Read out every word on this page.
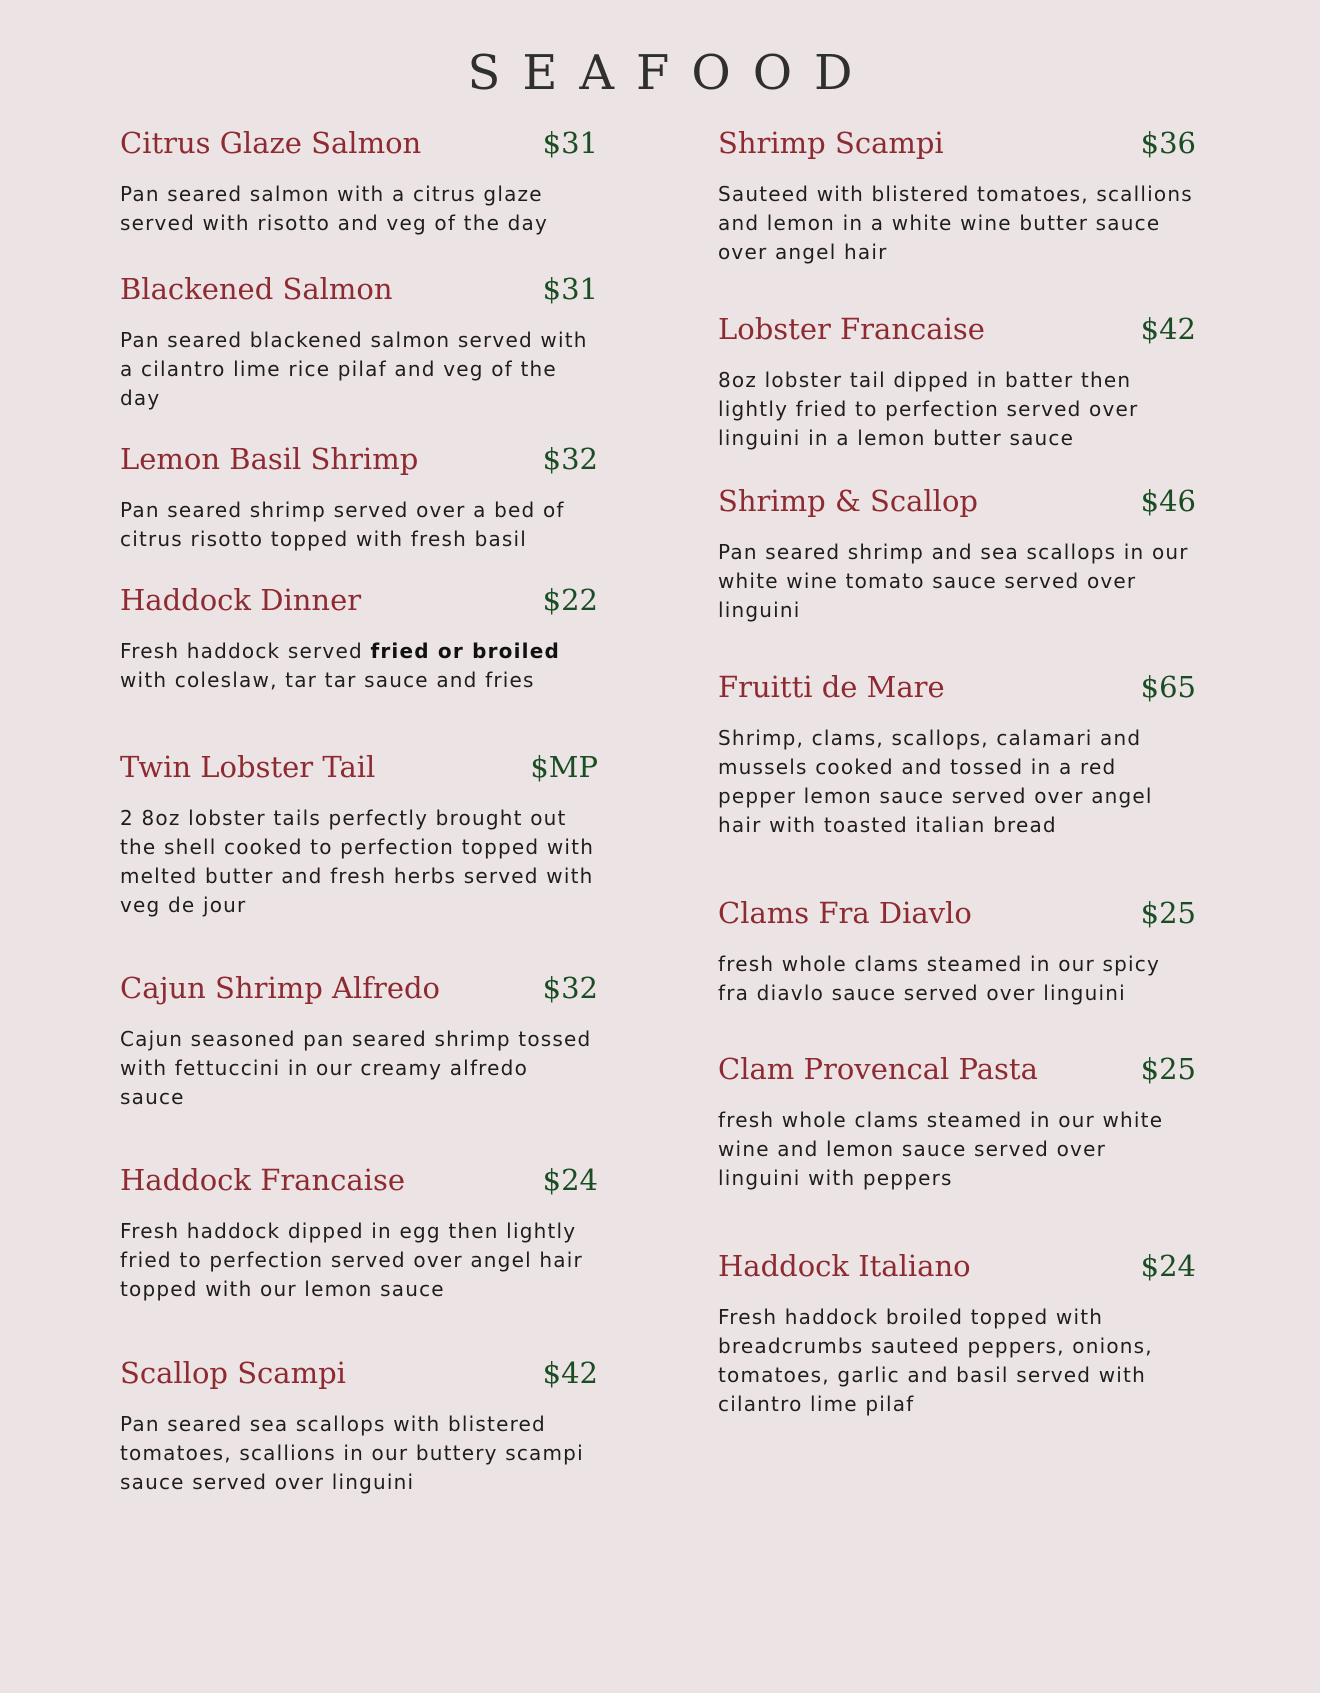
SEAFOOD
Citrus Glaze Salmon	$31
Pan seared salmon with a citrus glaze served with risotto and veg of the day
Blackened Salmon	$31
Pan seared blackened salmon served with a cilantro lime rice pilaf and veg of the day
Lemon Basil Shrimp	$32
Pan seared shrimp served over a bed of citrus risotto topped with fresh basil
Haddock Dinner	$22
Fresh haddock served fried or broiled with coleslaw, tar tar sauce and fries
Twin Lobster Tail	$MP
2 8oz lobster tails perfectly brought out the shell cooked to perfection topped with melted butter and fresh herbs served with veg de jour
Cajun Shrimp Alfredo	$32
Cajun seasoned pan seared shrimp tossed with fettuccini in our creamy alfredo sauce
Haddock Francaise	$24
Fresh haddock dipped in egg then lightly fried to perfection served over angel hair topped with our lemon sauce
Scallop Scampi	$42
Pan seared sea scallops with blistered tomatoes, scallions in our buttery scampi sauce served over linguini
Shrimp Scampi	$36
Sauteed with blistered tomatoes, scallions and lemon in a white wine butter sauce over angel hair
Lobster Francaise	$42
8oz lobster tail dipped in batter then lightly fried to perfection served over linguini in a lemon butter sauce
Shrimp & Scallop	$46
Pan seared shrimp and sea scallops in our white wine tomato sauce served over linguini
Fruitti de Mare	$65
Shrimp, clams, scallops, calamari and mussels cooked and tossed in a red pepper lemon sauce served over angel hair with toasted italian bread
Clams Fra Diavlo	$25
fresh whole clams steamed in our spicy fra diavlo sauce served over linguini
Clam Provencal Pasta	$25
fresh whole clams steamed in our white wine and lemon sauce served over linguini with peppers
Haddock Italiano	$24
Fresh haddock broiled topped with breadcrumbs sauteed peppers, onions, tomatoes, garlic and basil served with cilantro lime pilaf
